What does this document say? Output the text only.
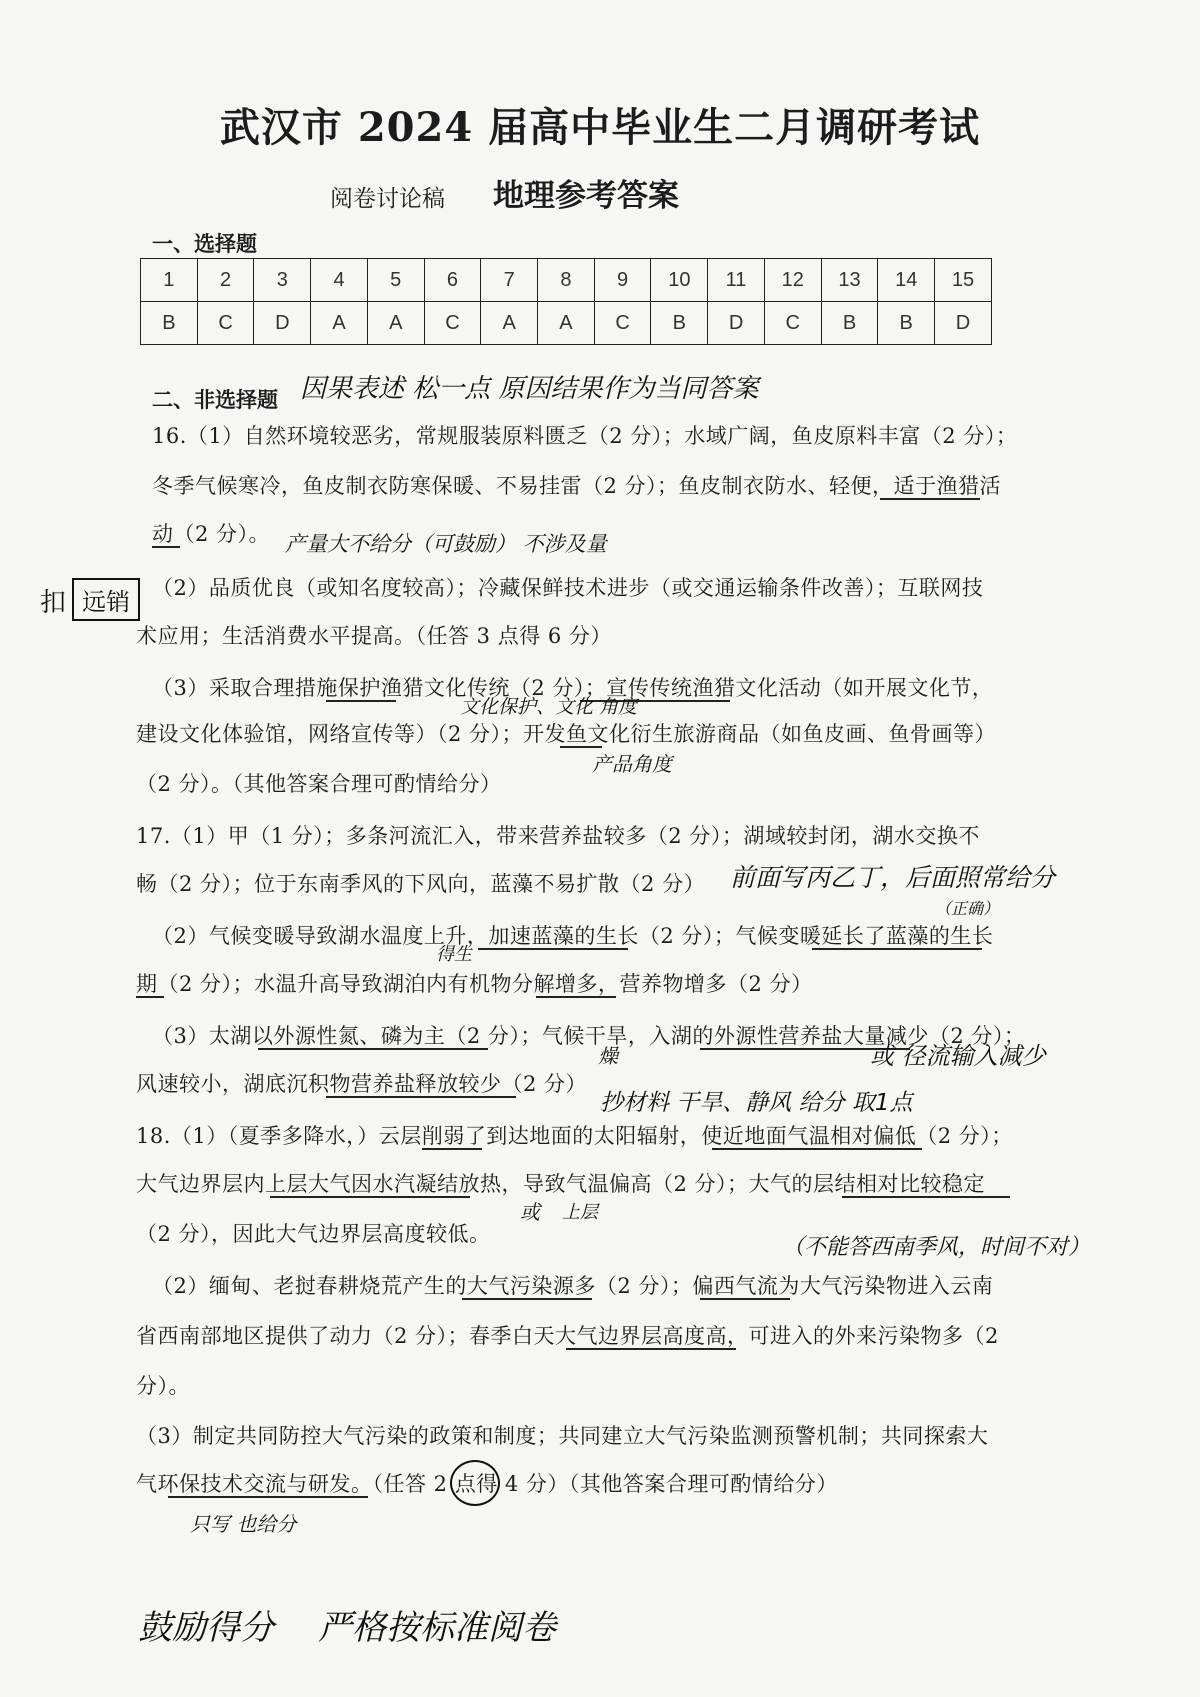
武汉市 2024 届高中毕业生二月调研考试
阅卷讨论稿 地理参考答案
一、选择题
1	2	3	4	5	6	7	8	9	10	11	12	13	14	15
B	C	D	A	A	C	A	A	C	B	D	C	B	B	D
二、非选择题 因果表述 松一点 原因结果作为当同答案
16.（1）自然环境较恶劣，常规服装原料匮乏（2 分）；水域广阔，鱼皮原料丰富（2 分）；
冬季气候寒冷，鱼皮制衣防寒保暖、不易挂雷（2 分）；鱼皮制衣防水、轻便，适于渔猎活
动（2 分）。 产量大不给分（可鼓励） 不涉及量
（2）品质优良（或知名度较高）；冷藏保鲜技术进步（或交通运输条件改善）；互联网技
扣 远销
术应用；生活消费水平提高。（任答 3 点得 6 分）
（3）采取合理措施保护渔猎文化传统（2 分）；宣传传统渔猎文化活动（如开展文化节，
文化保护、文化 角度
建设文化体验馆，网络宣传等）（2 分）；开发鱼文化衍生旅游商品（如鱼皮画、鱼骨画等）
产品角度
（2 分）。（其他答案合理可酌情给分）
17.（1）甲（1 分）；多条河流汇入，带来营养盐较多（2 分）；湖域较封闭，湖水交换不
畅（2 分）；位于东南季风的下风向，蓝藻不易扩散（2 分） 前面写丙乙丁，后面照常给分
（正确）
（2）气候变暖导致湖水温度上升，加速蓝藻的生长（2 分）；气候变暖延长了蓝藻的生长
得生
期（2 分）；水温升高导致湖泊内有机物分解增多，营养物增多（2 分）
（3）太湖以外源性氮、磷为主（2 分）；气候干旱，入湖的外源性营养盐大量减少（2 分）；
燥	或 径流输入减少
风速较小，湖底沉积物营养盐释放较少（2 分）
抄材料 干旱、静风 给分 取1点
18.（1）（夏季多降水，）云层削弱了到达地面的太阳辐射，使近地面气温相对偏低（2 分）；
大气边界层内上层大气因水汽凝结放热，导致气温偏高（2 分）；大气的层结相对比较稳定
或 上层
（2 分），因此大气边界层高度较低。
（不能答西南季风，时间不对）
（2）缅甸、老挝春耕烧荒产生的大气污染源多（2 分）；偏西气流为大气污染物进入云南
省西南部地区提供了动力（2 分）；春季白天大气边界层高度高，可进入的外来污染物多（2
分）。
（3）制定共同防控大气污染的政策和制度；共同建立大气污染监测预警机制；共同探索大
气环保技术交流与研发。（任答 2 点得 4 分）（其他答案合理可酌情给分）
只写 也给分
鼓励得分 严格按标准阅卷
